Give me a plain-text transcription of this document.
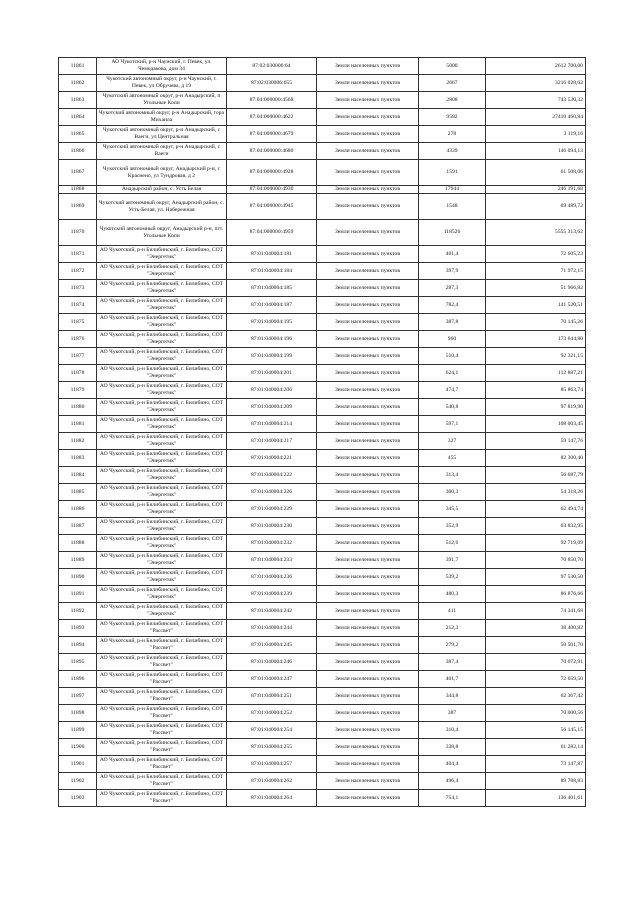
11861	АО Чукотский, р-н Чаунский, г. Певек, ул. Чемодакова, дом 34	87:02:030006:64	Земли населенных пунктов	5000	2612 700,00
11862	Чукотский автономный округ, р-н Чаунский, г. Певек, ул Обручева, д 19	87:02:030006:655	Земли населенных пунктов	2667	3216 028,62
11863	Чукотский автономный округ, р-н Анадырский, п Угольные Копи	87:04:000000:4568	Земли населенных пунктов	2808	743 530,32
11864	Чукотский автономный округ, р-н Анадырский, гора Михаила	87:04:000000:4622	Земли населенных пунктов	9582	27410 460,84
11865	Чукотский автономный округ, р-н Анадырский, с Ваеги, ул Центральная	87:04:000000:4679	Земли населенных пунктов	278	3 119,16
11866	Чукотский автономный округ, р-н Анадырский, с Ваеги	87:04:000000:4680	Земли населенных пунктов	4339	146 094,13
11867	Чукотский автономный округ, Анадырский р-н, с Краснено, ул Тундровая, д 2	87:04:000000:4928	Земли населенных пунктов	1591	61 508,06
11868	Анадырский район, с. Усть Белая	87:04:000000:4930	Земли населенных пунктов	17944	246 191,68
11869	Чукотский автономный округ, Анадырский район, с. Усть-Белая, ул. Набережная	87:04:000000:4945	Земли населенных пунктов	1548	69 489,72
11870	Чукотский автономный округ, Анадырский р-н, пгт. Угольные Копи	87:04:000000:4959	Земли населенных пунктов	118526	5555 313,62
11871	АО Чукотский, р-н Билибинский, г. Билибино, СОТ "Энергетик"	87:01:040004:181	Земли населенных пунктов	401,4	72 605,23
11872	АО Чукотский, р-н Билибинский, г. Билибино, СОТ "Энергетик"	87:01:040004:184	Земли населенных пунктов	397,9	71 972,15
11873	АО Чукотский, р-н Билибинский, г. Билибино, СОТ "Энергетик"	87:01:040004:185	Земли населенных пунктов	287,3	51 966,82
11874	АО Чукотский, р-н Билибинский, г. Билибино, СОТ "Энергетик"	87:01:040004:187	Земли населенных пунктов	782,4	141 520,51
11875	АО Чукотский, р-н Билибинский, г. Билибино, СОТ "Энергетик"	87:01:040004:195	Земли населенных пунктов	387,8	70 145,26
11876	АО Чукотский, р-н Билибинский, г. Билибино, СОТ "Энергетик"	87:01:040004:196	Земли населенных пунктов	960	173 644,80
11877	АО Чукотский, р-н Билибинский, г. Билибино, СОТ "Энергетик"	87:01:040004:199	Земли населенных пунктов	510,4	92 321,15
11878	АО Чукотский, р-н Билибинский, г. Билибино, СОТ "Энергетик"	87:01:040004:201	Земли населенных пунктов	624,1	112 887,21
11879	АО Чукотский, р-н Билибинский, г. Билибино, СОТ "Энергетик"	87:01:040004:206	Земли населенных пунктов	474,7	85 863,74
11880	АО Чукотский, р-н Билибинский, г. Билибино, СОТ "Энергетик"	87:01:040004:209	Земли населенных пунктов	540,8	97 819,90
11881	АО Чукотский, р-н Билибинский, г. Билибино, СОТ "Энергетик"	87:01:040004:214	Земли населенных пунктов	597,1	108 003,45
11882	АО Чукотский, р-н Билибинский, г. Билибино, СОТ "Энергетик"	87:01:040004:217	Земли населенных пунктов	327	59 147,76
11883	АО Чукотский, р-н Билибинский, г. Билибино, СОТ "Энергетик"	87:01:040004:221	Земли населенных пунктов	455	82 300,40
11884	АО Чукотский, р-н Билибинский, г. Билибино, СОТ "Энергетик"	87:01:040004:222	Земли населенных пунктов	313,4	56 687,79
11885	АО Чукотский, р-н Билибинский, г. Билибино, СОТ "Энергетик"	87:01:040004:226	Земли населенных пунктов	300,3	54 318,26
11886	АО Чукотский, р-н Билибинский, г. Билибино, СОТ "Энергетик"	87:01:040004:229	Земли населенных пунктов	345,5	62 494,74
11887	АО Чукотский, р-н Билибинский, г. Билибино, СОТ "Энергетик"	87:01:040004:230	Земли населенных пунктов	352,9	63 832,95
11888	АО Чукотский, р-н Билибинский, г. Билибино, СОТ "Энергетик"	87:01:040004:232	Земли населенных пунктов	512,6	92 719,09
11889	АО Чукотский, р-н Билибинский, г. Билибино, СОТ "Энергетик"	87:01:040004:233	Земли населенных пунктов	391,7	70 850,70
11890	АО Чукотский, р-н Билибинский, г. Билибино, СОТ "Энергетик"	87:01:040004:236	Земли населенных пунктов	539,2	97 530,50
11891	АО Чукотский, р-н Билибинский, г. Билибино, СОТ "Энергетик"	87:01:040004:239	Земли населенных пунктов	480,3	86 876,66
11892	АО Чукотский, р-н Билибинский, г. Билибино, СОТ "Энергетик"	87:01:040004:242	Земли населенных пунктов	411	74 341,68
11893	АО Чукотский, р-н Билибинский, г. Билибино, СОТ "Рассвет"	87:01:040004:244	Земли населенных пунктов	212,3	38 400,82
11894	АО Чукотский, р-н Билибинский, г. Билибино, СОТ "Рассвет"	87:01:040004:245	Земли населенных пунктов	279,2	50 501,70
11895	АО Чукотский, р-н Билибинский, г. Билибино, СОТ "Рассвет"	87:01:040004:246	Земли населенных пунктов	387,4	70 072,91
11896	АО Чукотский, р-н Билибинский, г. Билибино, СОТ "Рассвет"	87:01:040004:247	Земли населенных пунктов	401,7	72 659,50
11897	АО Чукотский, р-н Билибинский, г. Билибино, СОТ "Рассвет"	87:01:040004:251	Земли населенных пунктов	344,8	62 367,42
11898	АО Чукотский, р-н Билибинский, г. Билибино, СОТ "Рассвет"	87:01:040004:252	Земли населенных пунктов	387	70 000,56
11899	АО Чукотский, р-н Билибинский, г. Билибино, СОТ "Рассвет"	87:01:040004:254	Земли населенных пунктов	310,4	56 145,15
11900	АО Чукотский, р-н Билибинский, г. Билибино, СОТ "Рассвет"	87:01:040004:255	Земли населенных пунктов	338,8	61 282,14
11901	АО Чукотский, р-н Билибинский, г. Билибино, СОТ "Рассвет"	87:01:040004:257	Земли населенных пунктов	404,4	73 147,87
11902	АО Чукотский, р-н Билибинский, г. Билибино, СОТ "Рассвет"	87:01:040004:262	Земли населенных пунктов	496,4	89 788,83
11903	АО Чукотский, р-н Билибинский, г. Билибино, СОТ "Рассвет"	87:01:040004:264	Земли населенных пунктов	754,1	136 401,61
